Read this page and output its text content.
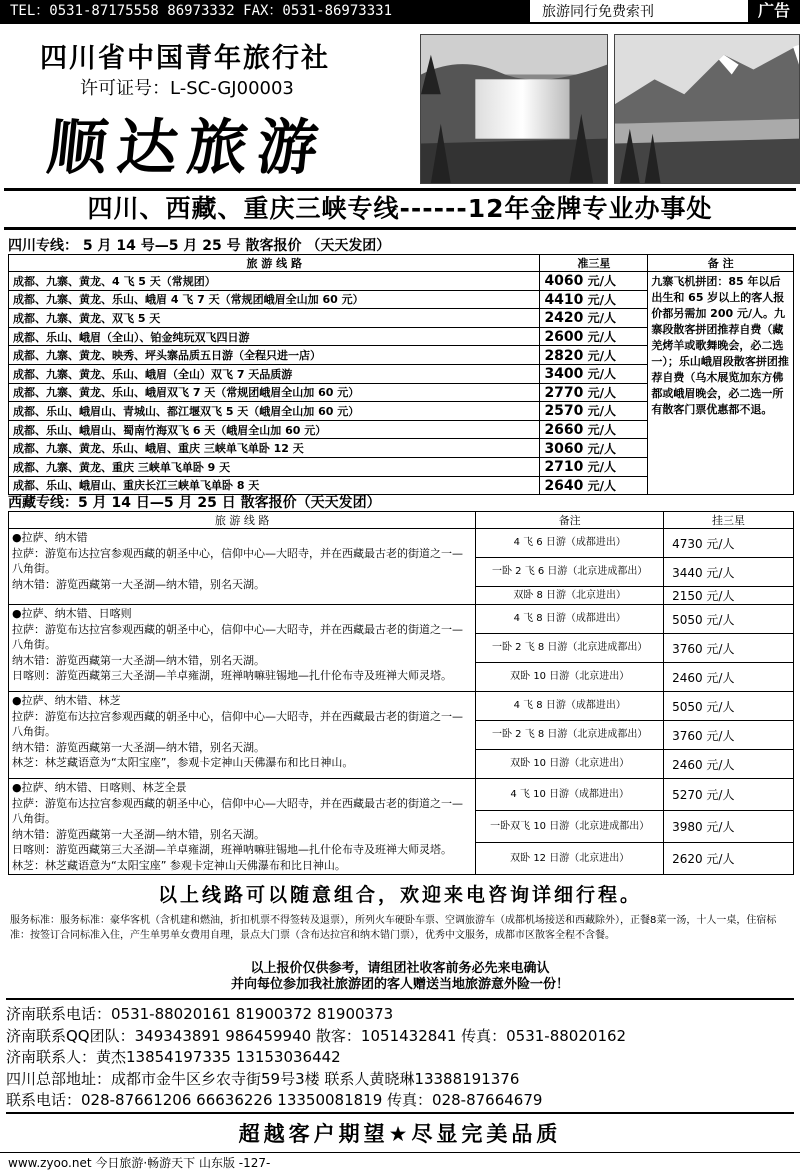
TEL：0531-87175558 86973332 FAX：0531-86973331	旅游同行免费索刊	广告
四川省中国青年旅行社
许可证号：L-SC-GJ00003
顺达旅游
四川、西藏、重庆三峡专线------12年金牌专业办事处
四川专线： 5 月 14 号—5 月 25 号 散客报价 （天天发团）
旅 游 线 路	准三星	备 注
成都、九寨、黄龙、4 飞 5 天（常规团）	4060 元/人	九寨飞机拼团：85 年以后出生和 65 岁以上的客人报价都另需加 200 元/人。九寨段散客拼团推荐自费（藏羌烤羊或歌舞晚会，必二选一）；乐山峨眉段散客拼团推荐自费（乌木展览加东方佛都或峨眉晚会，必二选一所有散客门票优惠都不退。
成都、九寨、黄龙、乐山、峨眉 4 飞 7 天（常规团峨眉全山加 60 元）	4410 元/人	
成都、九寨、黄龙、双飞 5 天	2420 元/人	
成都、乐山、峨眉（全山）、铂金纯玩双飞四日游	2600 元/人	
成都、九寨、黄龙、映秀、坪头寨品质五日游（全程只进一店）	2820 元/人	
成都、九寨、黄龙、乐山、峨眉（全山）双飞 7 天品质游	3400 元/人	
成都、九寨、黄龙、乐山、峨眉双飞 7 天（常规团峨眉全山加 60 元）	2770 元/人	
成都、乐山、峨眉山、青城山、都江堰双飞 5 天（峨眉全山加 60 元）	2570 元/人	
成都、乐山、峨眉山、蜀南竹海双飞 6 天（峨眉全山加 60 元）	2660 元/人	
成都、九寨、黄龙、乐山、峨眉、重庆 三峡单飞单卧 12 天	3060 元/人	
成都、九寨、黄龙、重庆 三峡单飞单卧 9 天	2710 元/人	
成都、乐山、峨眉山、重庆长江三峡单飞单卧 8 天	2640 元/人	
西藏专线：5 月 14 日—5 月 25 日 散客报价（天天发团）
旅 游 线 路	备注	挂三星

●拉萨、纳木错
拉萨：游览布达拉宫参观西藏的朝圣中心，信仰中心—大昭寺，并在西藏最古老的街道之一—八角街。
纳木错：游览西藏第一大圣湖—纳木错，别名天湖。	4 飞 6 日游（成都进出）	4730 元/人
	一卧 2 飞 6 日游（北京进成都出）	3440 元/人
	双卧 8 日游（北京进出）	2150 元/人

●拉萨、纳木错、日喀则
拉萨：游览布达拉宫参观西藏的朝圣中心，信仰中心—大昭寺，并在西藏最古老的街道之一—八角街。
纳木错：游览西藏第一大圣湖—纳木错，别名天湖。
日喀则：游览西藏第三大圣湖—羊卓雍湖，班禅呐嘛驻锡地—扎什伦布寺及班禅大师灵塔。	4 飞 8 日游（成都进出）	5050 元/人
	一卧 2 飞 8 日游（北京进成都出）	3760 元/人
	双卧 10 日游（北京进出）	2460 元/人

●拉萨、纳木错、林芝
拉萨：游览布达拉宫参观西藏的朝圣中心，信仰中心—大昭寺，并在西藏最古老的街道之一—八角街。
纳木错：游览西藏第一大圣湖—纳木错，别名天湖。
林芝：林芝藏语意为“太阳宝座”，参观卡定神山天佛瀑布和比日神山。	4 飞 8 日游（成都进出）	5050 元/人
	一卧 2 飞 8 日游（北京进成都出）	3760 元/人
	双卧 10 日游（北京进出）	2460 元/人

●拉萨、纳木错、日喀则、林芝全景
拉萨：游览布达拉宫参观西藏的朝圣中心，信仰中心—大昭寺，并在西藏最古老的街道之一—八角街。
纳木错：游览西藏第一大圣湖—纳木错，别名天湖。
日喀则：游览西藏第三大圣湖—羊卓雍湖，班禅呐嘛驻锡地—扎什伦布寺及班禅大师灵塔。
林芝：林芝藏语意为“太阳宝座” 参观卡定神山天佛瀑布和比日神山。	4 飞 10 日游（成都进出）	5270 元/人
	一卧双飞 10 日游（北京进成都出）	3980 元/人
	双卧 12 日游（北京进出）	2620 元/人
以上线路可以随意组合，欢迎来电咨询详细行程。
服务标准：服务标准：豪华客机（含机建和燃油，折扣机票不得签转及退票），所列火车硬卧车票、空调旅游车（成都机场接送和西藏除外），正餐8菜一汤，十人一桌，住宿标准：按签订合同标准入住，产生单男单女费用自理，景点大门票（含布达拉宫和纳木错门票），优秀中文服务，成都市区散客全程不含餐。
以上报价仅供参考，请组团社收客前务必先来电确认
并向每位参加我社旅游团的客人赠送当地旅游意外险一份！
济南联系电话：0531-88020161 81900372 81900373
济南联系QQ团队：349343891 986459940 散客：1051432841 传真：0531-88020162
济南联系人：黄杰13854197335 13153036442
四川总部地址：成都市金牛区乡农寺街59号3楼 联系人黄晓琳13388191376
联系电话：028-87661206 66636226 13350081819 传真：028-87664679
超越客户期望★尽显完美品质
www.zyoo.net 今日旅游·畅游天下 山东版 -127-
